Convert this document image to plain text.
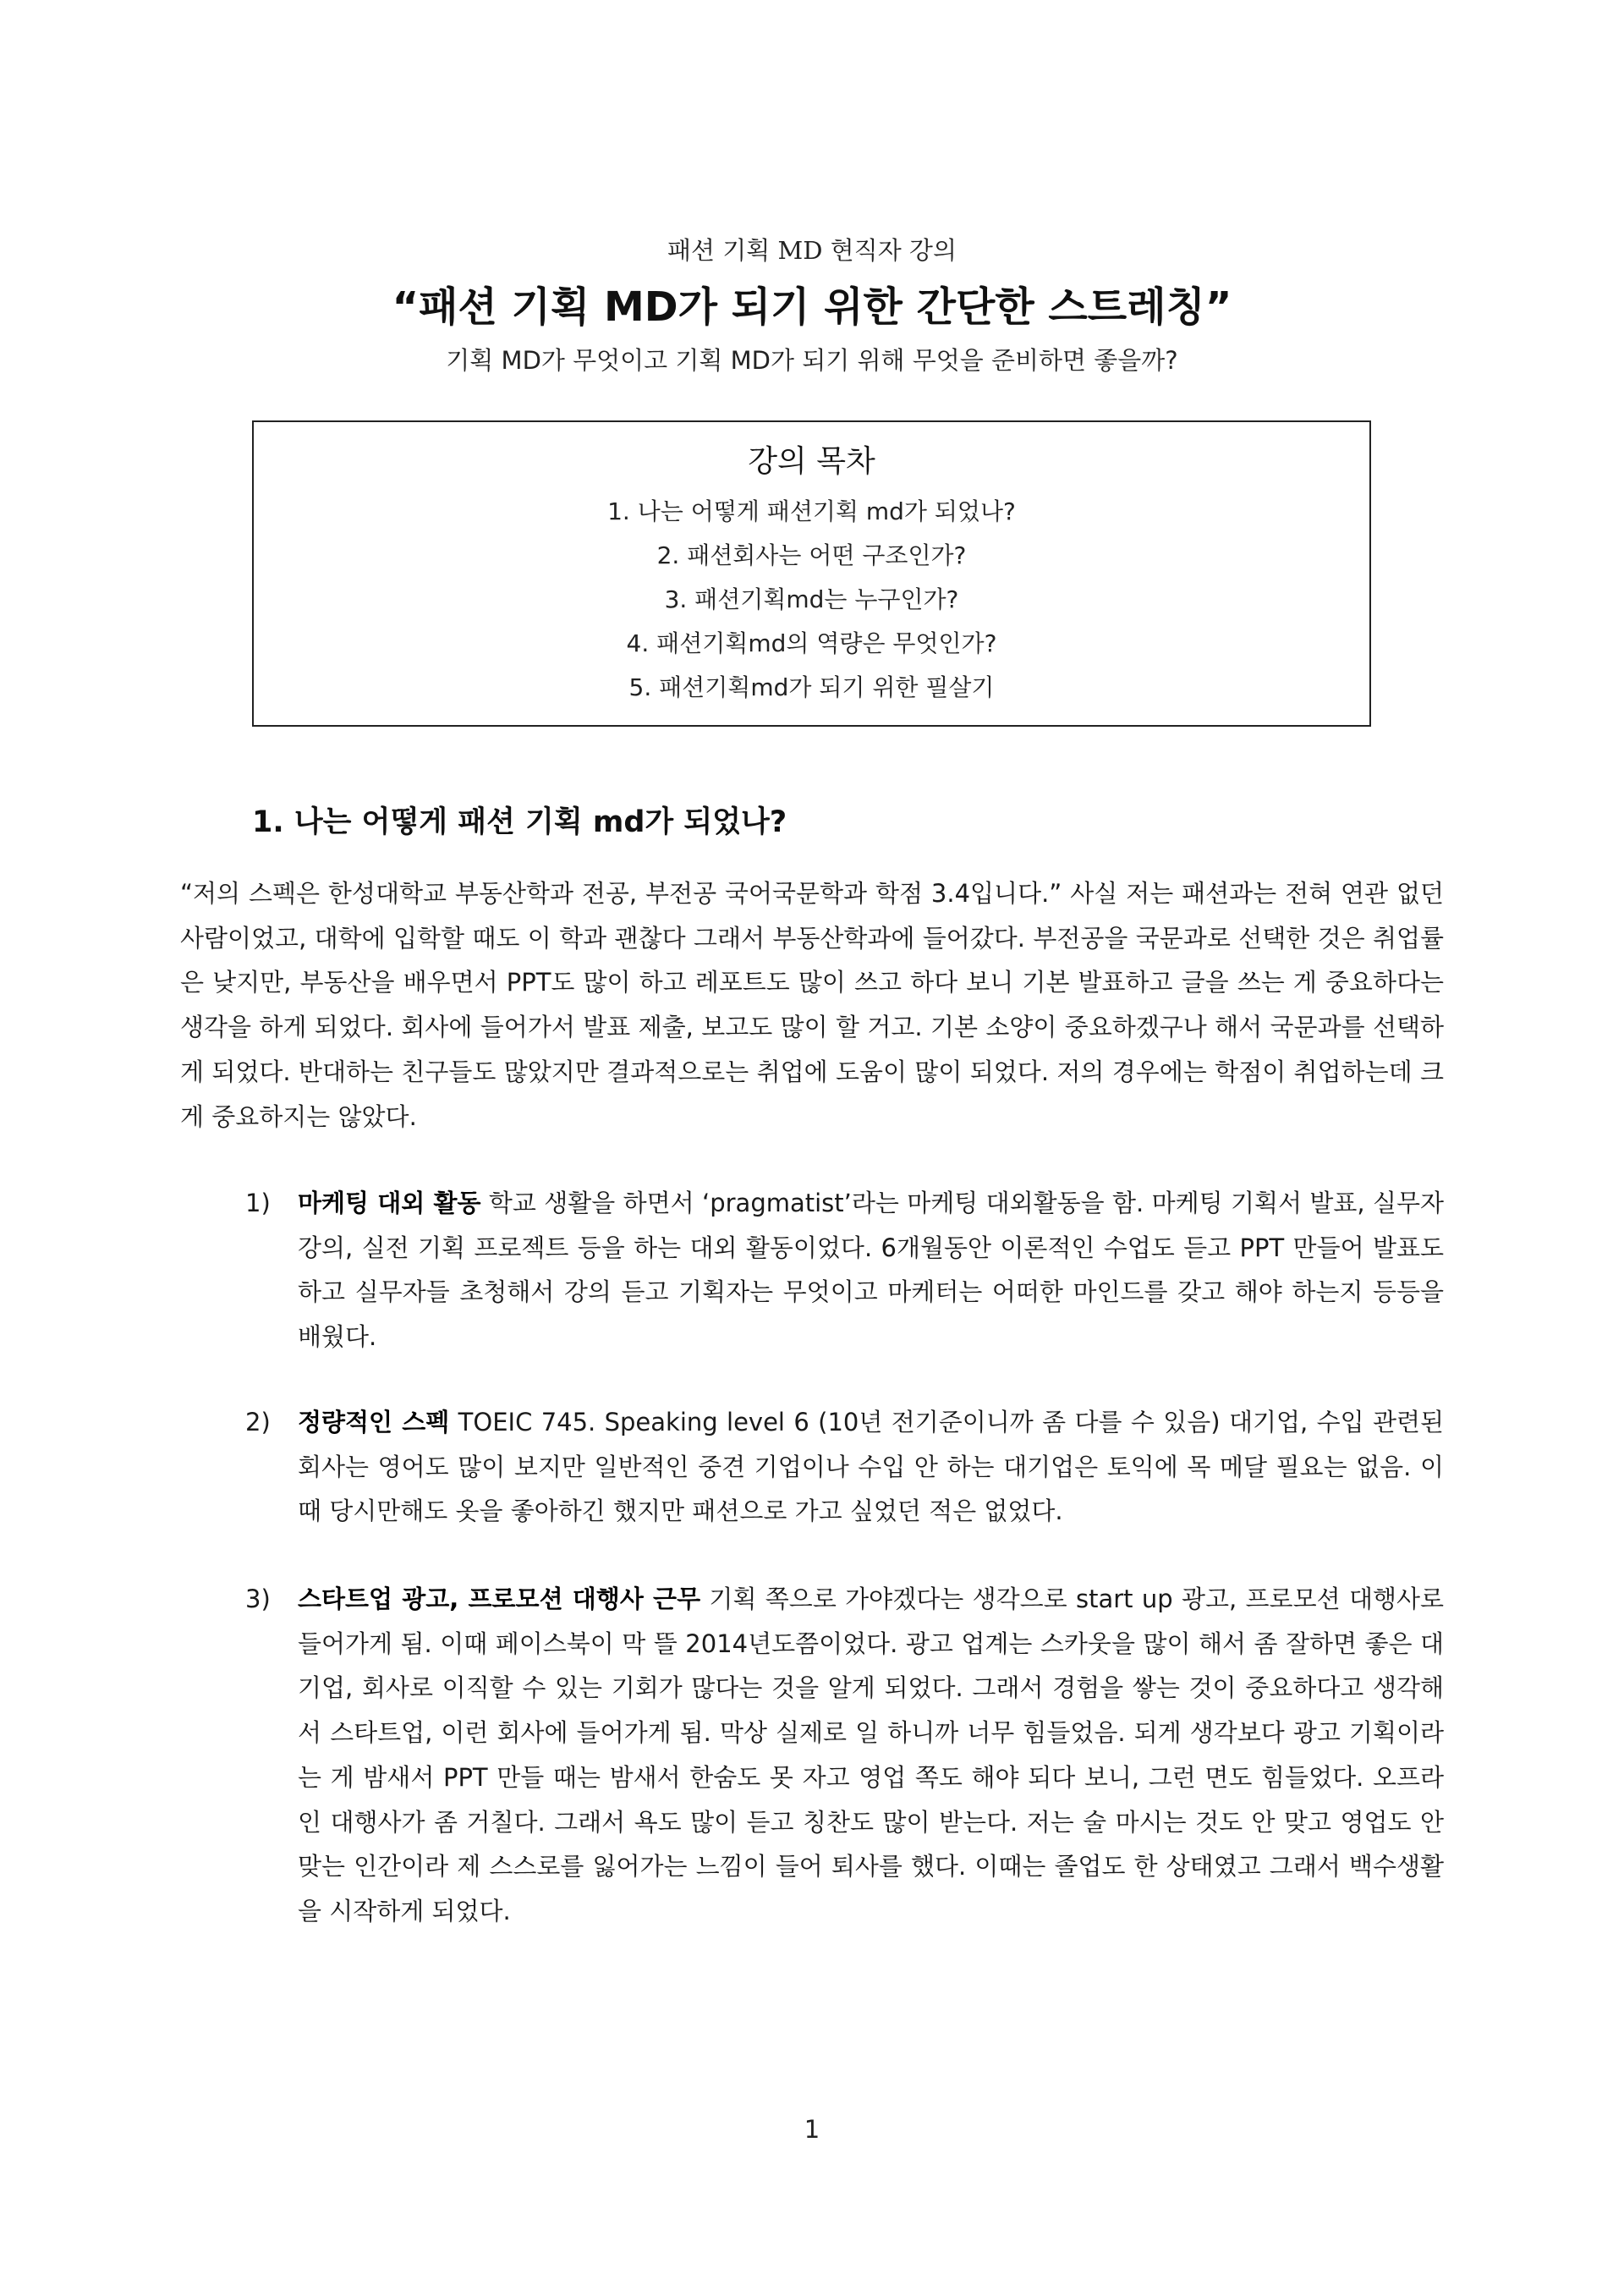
패션 기획 MD 현직자 강의
“패션 기획 MD가 되기 위한 간단한 스트레칭”
기획 MD가 무엇이고 기획 MD가 되기 위해 무엇을 준비하면 좋을까?
강의 목차
1. 나는 어떻게 패션기획 md가 되었나?
2. 패션회사는 어떤 구조인가?
3. 패션기획md는 누구인가?
4. 패션기획md의 역량은 무엇인가?
5. 패션기획md가 되기 위한 필살기
1. 나는 어떻게 패션 기획 md가 되었나?

“저의 스펙은 한성대학교 부동산학과 전공, 부전공 국어국문학과 학점 3.4입니다.” 사실 저는 패션과는 전혀 연관 없던 사람이었고, 대학에 입학할 때도 이 학과 괜찮다 그래서 부동산학과에 들어갔다. 부전공을 국문과로 선택한 것은 취업률은 낮지만, 부동산을 배우면서 PPT도 많이 하고 레포트도 많이 쓰고 하다 보니 기본 발표하고 글을 쓰는 게 중요하다는 생각을 하게 되었다. 회사에 들어가서 발표 제출, 보고도 많이 할 거고. 기본 소양이 중요하겠구나 해서 국문과를 선택하게 되었다. 반대하는 친구들도 많았지만 결과적으로는 취업에 도움이 많이 되었다. 저의 경우에는 학점이 취업하는데 크게 중요하지는 않았다.

1)	마케팅 대외 활동 학교 생활을 하면서 ‘pragmatist’라는 마케팅 대외활동을 함. 마케팅 기획서 발표, 실무자 강의, 실전 기획 프로젝트 등을 하는 대외 활동이었다. 6개월동안 이론적인 수업도 듣고 PPT 만들어 발표도 하고 실무자들 초청해서 강의 듣고 기획자는 무엇이고 마케터는 어떠한 마인드를 갖고 해야 하는지 등등을 배웠다.

2)	정량적인 스펙 TOEIC 745. Speaking level 6 (10년 전기준이니까 좀 다를 수 있음) 대기업, 수입 관련된 회사는 영어도 많이 보지만 일반적인 중견 기업이나 수입 안 하는 대기업은 토익에 목 메달 필요는 없음. 이 때 당시만해도 옷을 좋아하긴 했지만 패션으로 가고 싶었던 적은 없었다.

3)	스타트업 광고, 프로모션 대행사 근무 기획 쪽으로 가야겠다는 생각으로 start up 광고, 프로모션 대행사로 들어가게 됨. 이때 페이스북이 막 뜰 2014년도쯤이었다. 광고 업계는 스카웃을 많이 해서 좀 잘하면 좋은 대기업, 회사로 이직할 수 있는 기회가 많다는 것을 알게 되었다. 그래서 경험을 쌓는 것이 중요하다고 생각해서 스타트업, 이런 회사에 들어가게 됨. 막상 실제로 일 하니까 너무 힘들었음. 되게 생각보다 광고 기획이라는 게 밤새서 PPT 만들 때는 밤새서 한숨도 못 자고 영업 쪽도 해야 되다 보니, 그런 면도 힘들었다. 오프라인 대행사가 좀 거칠다. 그래서 욕도 많이 듣고 칭찬도 많이 받는다. 저는 술 마시는 것도 안 맞고 영업도 안 맞는 인간이라 제 스스로를 잃어가는 느낌이 들어 퇴사를 했다. 이때는 졸업도 한 상태였고 그래서 백수생활을 시작하게 되었다.

1
